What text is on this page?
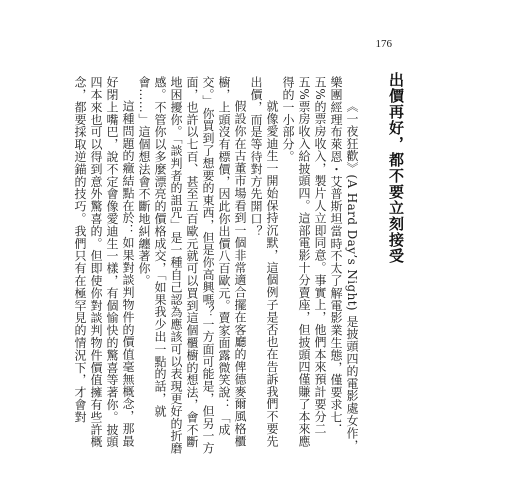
176
出價再好，都不要立刻接受

《一夜狂歡》(A Hard Day’s Night) 是披頭四的電影處女作，樂團經理布萊恩・艾普斯坦當時不太了解電影業生態，僅要求七．五%的票房收入，製片人立即同意。事實上，他們本來預計要分二五%票房收入給披頭四。這部電影十分賣座，但披頭四僅賺了本來應得的一小部分。

就像愛迪生一開始保持沉默，這個例子是否也在告訴我們不要先出價，而是等待對方先開口？

假設你在古董市場看到一個非常適合擺在客廳的俾德麥爾風格櫃櫥，上頭沒有標價，因此你出價八百歐元。賣家面露微笑說：「成交。」你買到了想要的東西，但是你高興嗎？一方面可能是，但另一方面，也許以七百、甚至五百歐元就可以買到這個櫃櫥的想法，會不斷地困擾你。「談判者的詛咒」是一種自己認為應該可以表現更好的折磨感。不管你以多麼漂亮的價格成交，「如果我少出一點的話，就會……」這個想法會不斷地糾纏著你。

這種問題的癥結點在於：如果對談判物件的價值毫無概念，那最好閉上嘴巴，說不定會像愛迪生一樣，有個愉快的驚喜等著你。披頭四本來也可以得到意外驚喜的。但即使你對談判物件價值擁有些許概念，都要採取逆錨的技巧。我們只有在極罕見的情況下，才會對
